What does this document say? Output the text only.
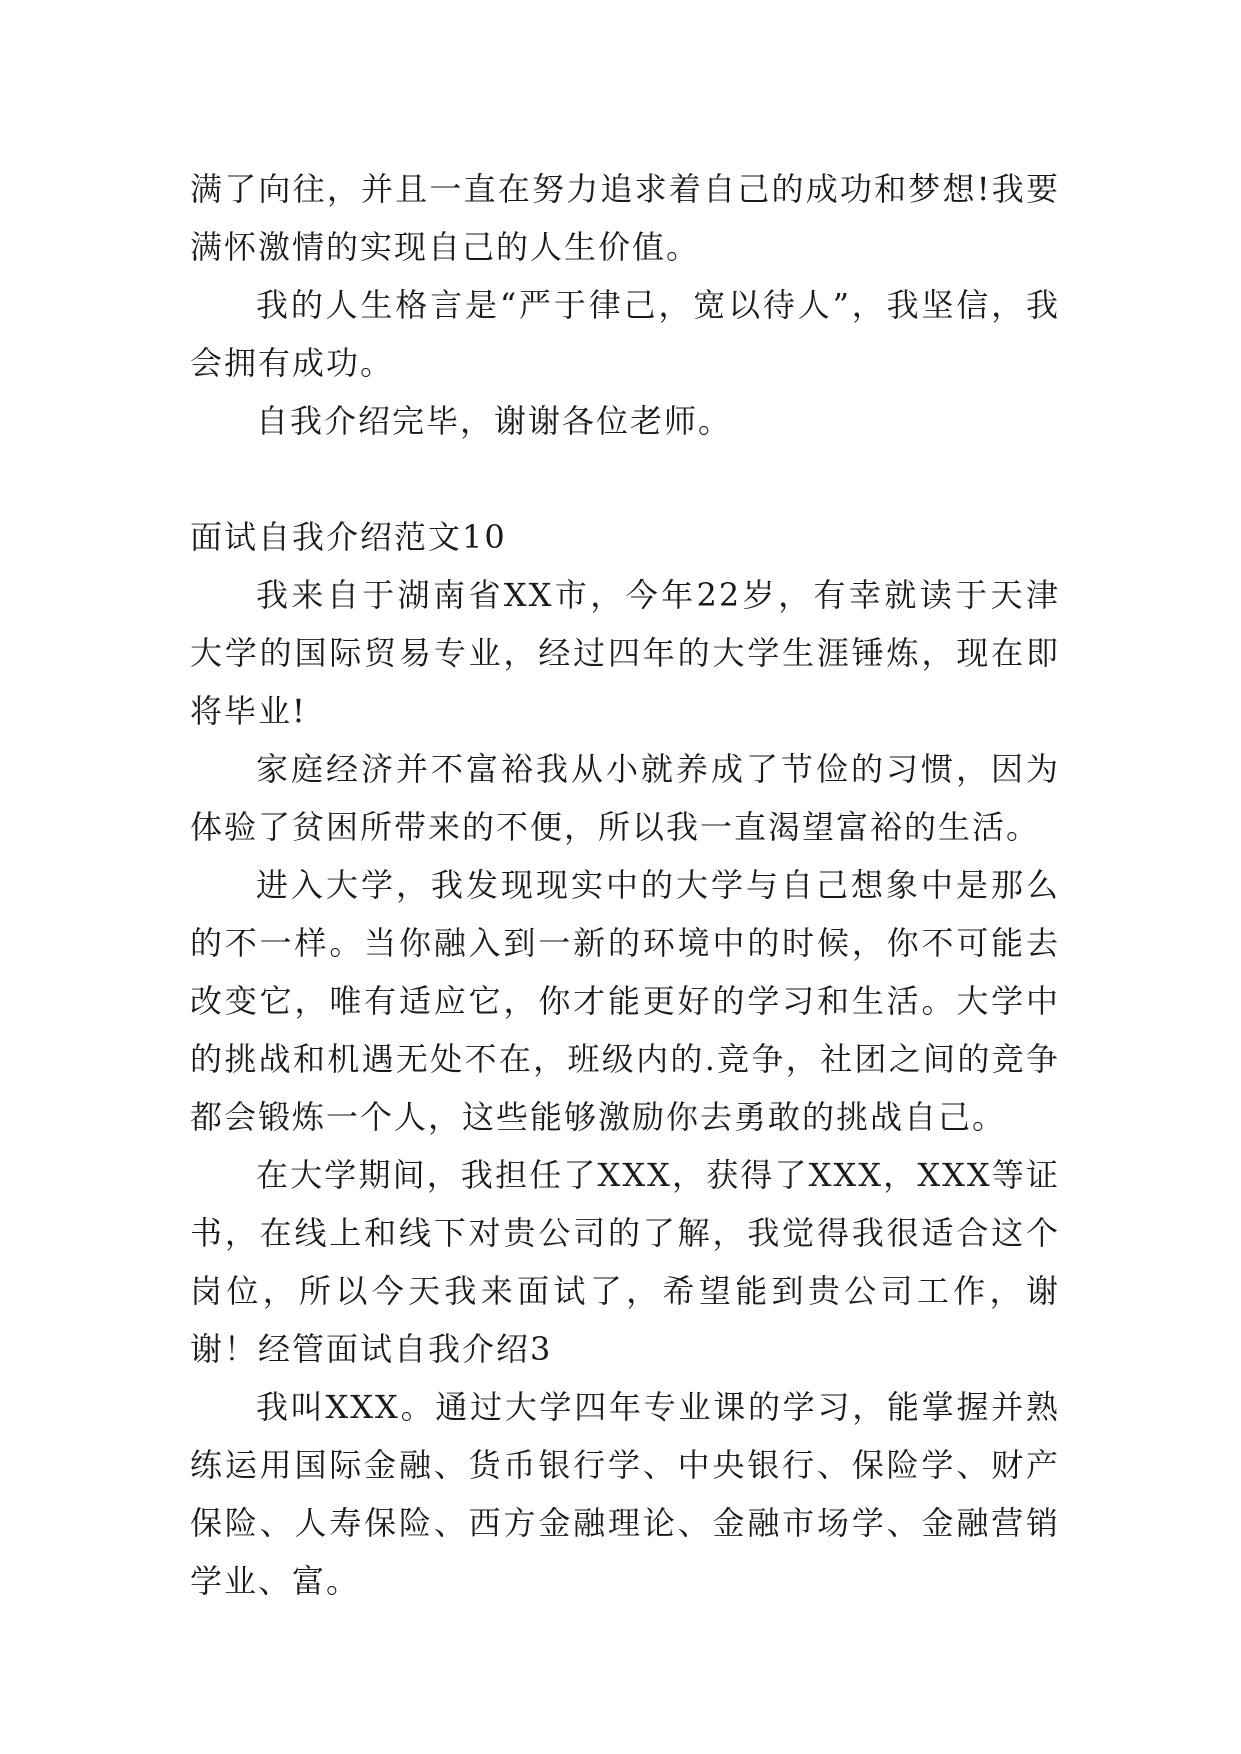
满了向往，并且一直在努力追求着自己的成功和梦想!我要满怀激情的实现自己的人生价值。

我的人生格言是“严于律己，宽以待人”，我坚信，我会拥有成功。

自我介绍完毕，谢谢各位老师。

面试自我介绍范文10

我来自于湖南省XX市，今年22岁，有幸就读于天津大学的国际贸易专业，经过四年的大学生涯锤炼，现在即将毕业!

家庭经济并不富裕我从小就养成了节俭的习惯，因为体验了贫困所带来的不便，所以我一直渴望富裕的生活。

进入大学，我发现现实中的大学与自己想象中是那么的不一样。当你融入到一新的环境中的时候，你不可能去改变它，唯有适应它，你才能更好的学习和生活。大学中的挑战和机遇无处不在，班级内的.竞争，社团之间的竞争都会锻炼一个人，这些能够激励你去勇敢的挑战自己。

在大学期间，我担任了XXX，获得了XXX，XXX等证书，在线上和线下对贵公司的了解，我觉得我很适合这个岗位，所以今天我来面试了，希望能到贵公司工作，谢谢！经管面试自我介绍3

我叫XXX。通过大学四年专业课的学习，能掌握并熟练运用国际金融、货币银行学、中央银行、保险学、财产保险、人寿保险、西方金融理论、金融市场学、金融营销学业、富。
